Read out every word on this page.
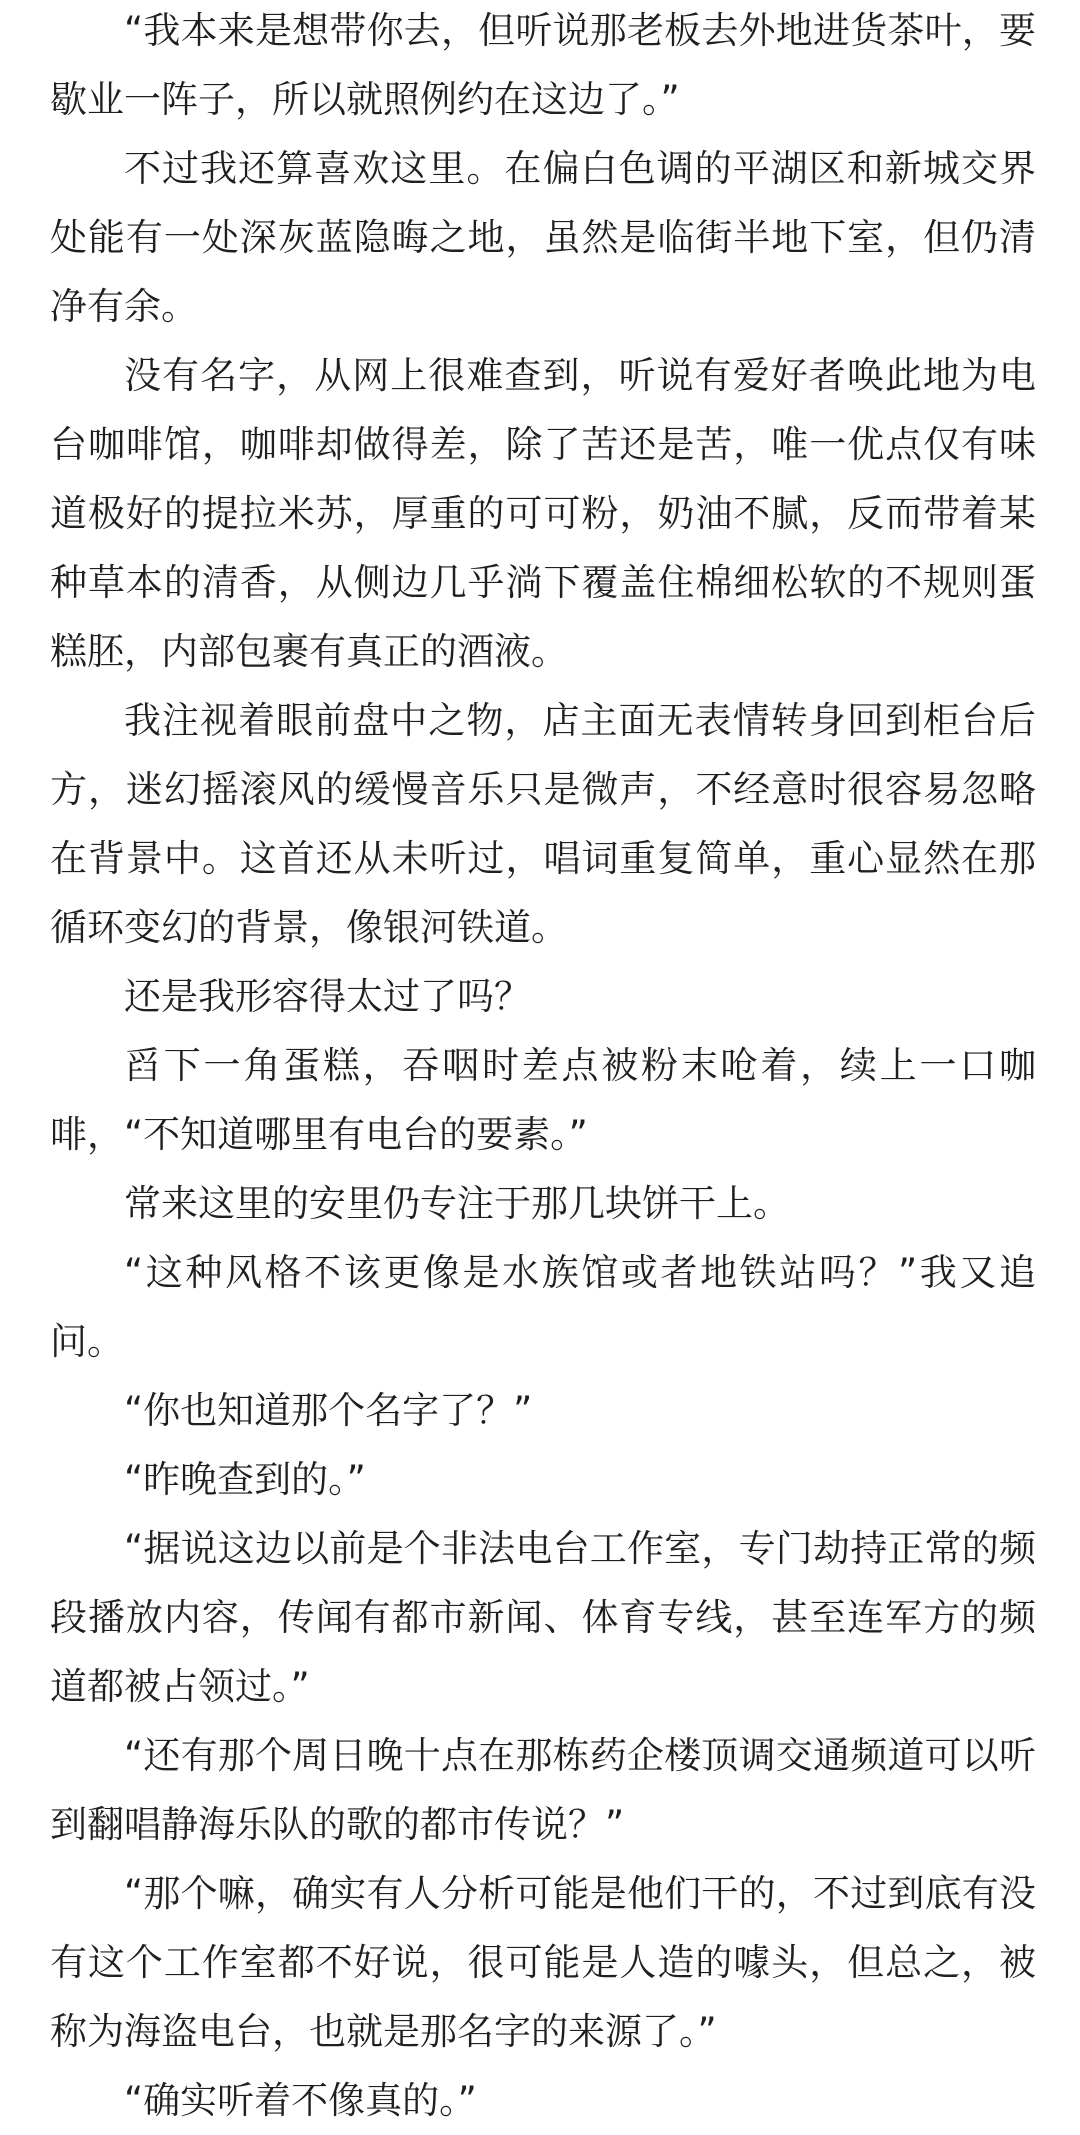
“我本来是想带你去，但听说那老板去外地进货茶叶，要歇业一阵子，所以就照例约在这边了。”

不过我还算喜欢这里。在偏白色调的平湖区和新城交界处能有一处深灰蓝隐晦之地，虽然是临街半地下室，但仍清净有余。

没有名字，从网上很难查到，听说有爱好者唤此地为电台咖啡馆，咖啡却做得差，除了苦还是苦，唯一优点仅有味道极好的提拉米苏，厚重的可可粉，奶油不腻，反而带着某种草本的清香，从侧边几乎淌下覆盖住棉细松软的不规则蛋糕胚，内部包裹有真正的酒液。

我注视着眼前盘中之物，店主面无表情转身回到柜台后方，迷幻摇滚风的缓慢音乐只是微声，不经意时很容易忽略在背景中。这首还从未听过，唱词重复简单，重心显然在那循环变幻的背景，像银河铁道。

还是我形容得太过了吗？

舀下一角蛋糕，吞咽时差点被粉末呛着，续上一口咖啡，“不知道哪里有电台的要素。”

常来这里的安里仍专注于那几块饼干上。

“这种风格不该更像是水族馆或者地铁站吗？”我又追问。

“你也知道那个名字了？”

“昨晚查到的。”

“据说这边以前是个非法电台工作室，专门劫持正常的频段播放内容，传闻有都市新闻、体育专线，甚至连军方的频道都被占领过。”

“还有那个周日晚十点在那栋药企楼顶调交通频道可以听到翻唱静海乐队的歌的都市传说？”

“那个嘛，确实有人分析可能是他们干的，不过到底有没有这个工作室都不好说，很可能是人造的噱头，但总之，被称为海盗电台，也就是那名字的来源了。”

“确实听着不像真的。”
